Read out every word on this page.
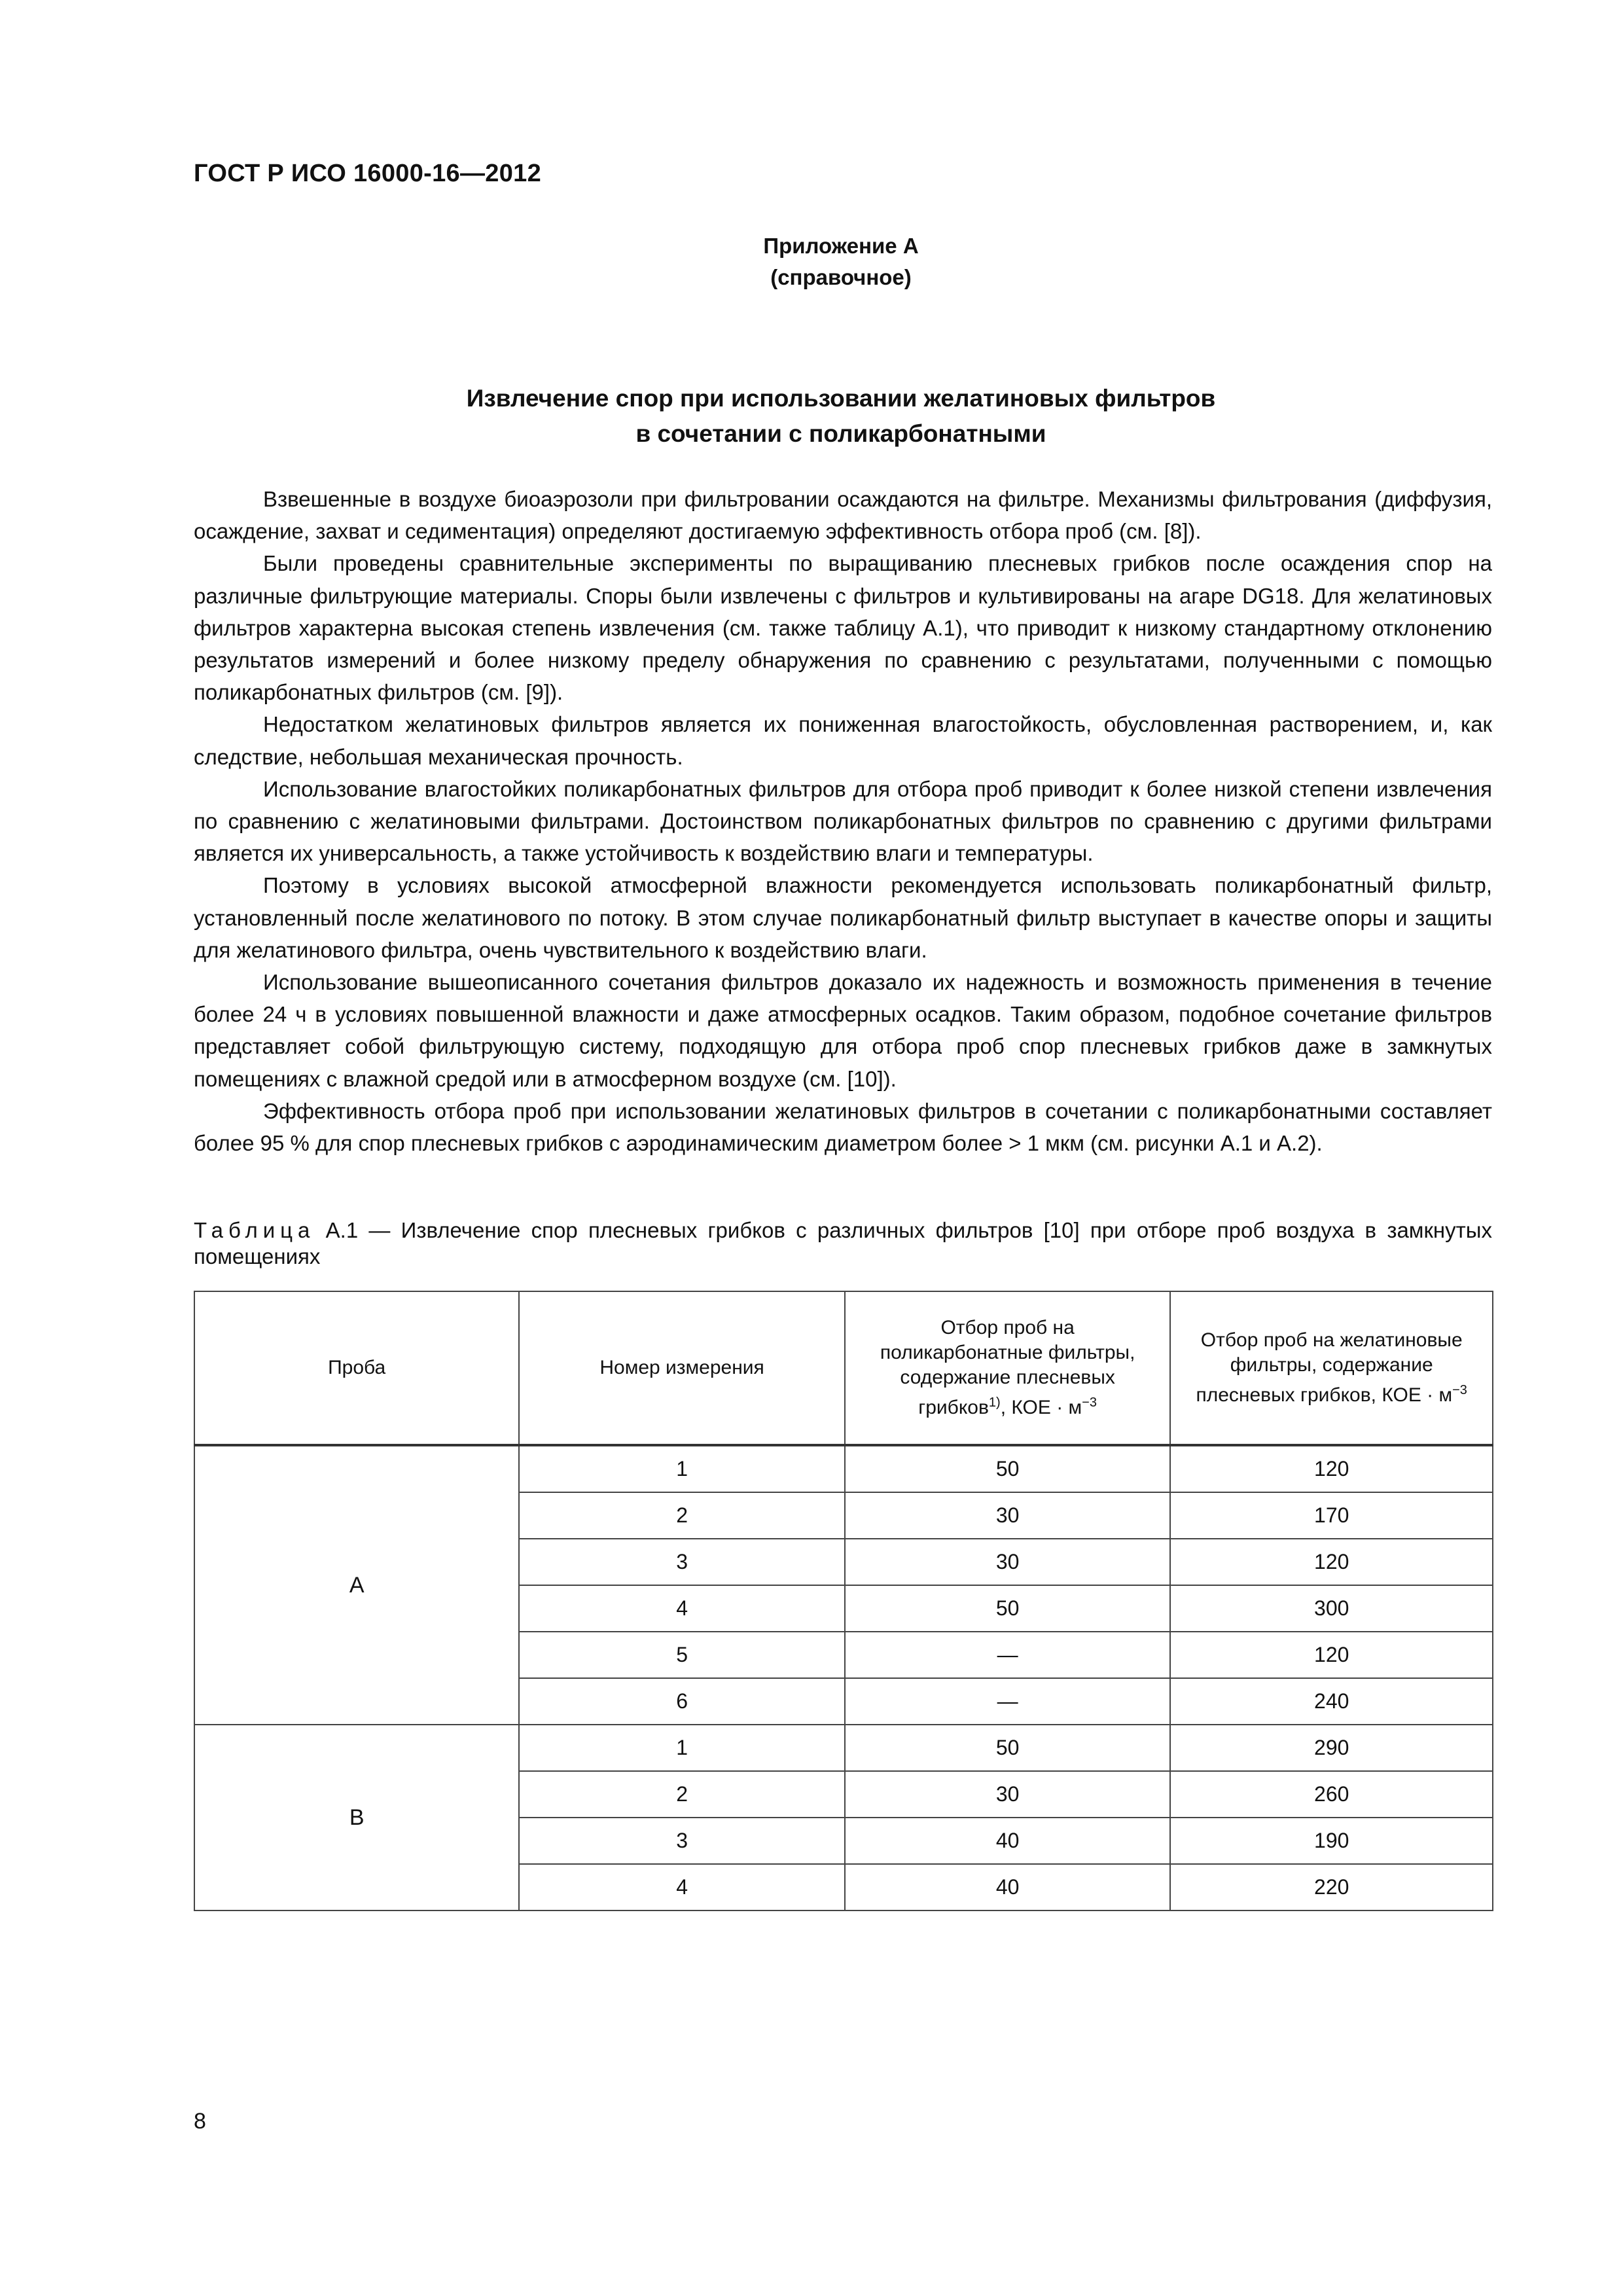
ГОСТ Р ИСО 16000-16—2012
Приложение А
(справочное)
Извлечение спор при использовании желатиновых фильтров
в сочетании с поликарбонатными

Взвешенные в воздухе биоаэрозоли при фильтровании осаждаются на фильтре. Механизмы фильтрования (диффузия, осаждение, захват и седиментация) определяют достигаемую эффективность отбора проб (см. [8]).

Были проведены сравнительные эксперименты по выращиванию плесневых грибков после осаждения спор на различные фильтрующие материалы. Споры были извлечены с фильтров и культивированы на агаре DG18. Для желатиновых фильтров характерна высокая степень извлечения (см. также таблицу А.1), что приводит к низкому стандартному отклонению результатов измерений и более низкому пределу обнаружения по сравнению с результатами, полученными с помощью поликарбонатных фильтров (см. [9]).

Недостатком желатиновых фильтров является их пониженная влагостойкость, обусловленная растворением, и, как следствие, небольшая механическая прочность.

Использование влагостойких поликарбонатных фильтров для отбора проб приводит к более низкой степени извлечения по сравнению с желатиновыми фильтрами. Достоинством поликарбонатных фильтров по сравнению с другими фильтрами является их универсальность, а также устойчивость к воздействию влаги и температуры.

Поэтому в условиях высокой атмосферной влажности рекомендуется использовать поликарбонатный фильтр, установленный после желатинового по потоку. В этом случае поликарбонатный фильтр выступает в качестве опоры и защиты для желатинового фильтра, очень чувствительного к воздействию влаги.

Использование вышеописанного сочетания фильтров доказало их надежность и возможность применения в течение более 24 ч в условиях повышенной влажности и даже атмосферных осадков. Таким образом, подобное сочетание фильтров представляет собой фильтрующую систему, подходящую для отбора проб спор плесневых грибков даже в замкнутых помещениях с влажной средой или в атмосферном воздухе (см. [10]).

Эффективность отбора проб при использовании желатиновых фильтров в сочетании с поликарбонатными составляет более 95 % для спор плесневых грибков с аэродинамическим диаметром более > 1 мкм (см. рисунки А.1 и А.2).

Таблица А.1 — Извлечение спор плесневых грибков с различных фильтров [10] при отборе проб воздуха в замкнутых помещениях
Проба	Номер измерения	Отбор проб на
поликарбонатные фильтры,
содержание плесневых
грибков$^{1)}$, КОЕ · $м^{-3}$	Отбор проб на желатиновые
фильтры, содержание
плесневых грибков, КОЕ · $м^{-3}$
А	1	50	120
	2	30	170
	3	30	120
	4	50	300
	5	—	120
	6	—	240
В	1	50	290
	2	30	260
	3	40	190
	4	40	220
8
